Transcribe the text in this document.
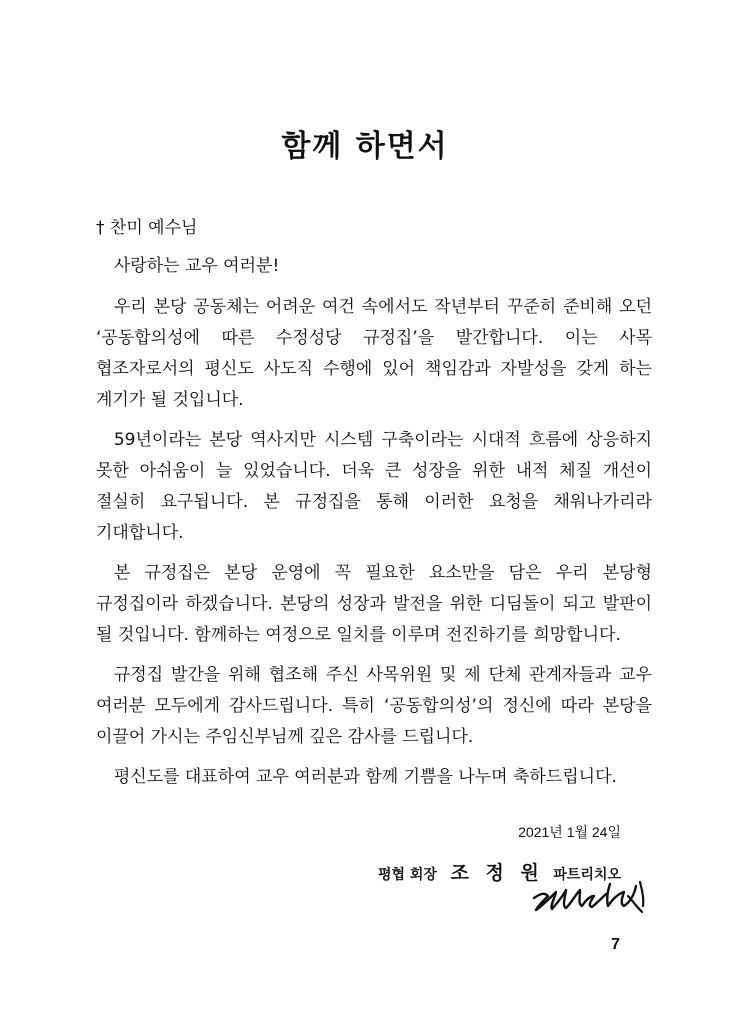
함께 하면서
† 찬미 예수님
사랑하는 교우 여러분!

우리 본당 공동체는 어려운 여건 속에서도 작년부터 꾸준히 준비해 오던 ‘공동합의성에 따른 수정성당 규정집’을 발간합니다. 이는 사목 협조자로서의 평신도 사도직 수행에 있어 책임감과 자발성을 갖게 하는 계기가 될 것입니다.

59년이라는 본당 역사지만 시스템 구축이라는 시대적 흐름에 상응하지 못한 아쉬움이 늘 있었습니다. 더욱 큰 성장을 위한 내적 체질 개선이 절실히 요구됩니다. 본 규정집을 통해 이러한 요청을 채워나가리라 기대합니다.

본 규정집은 본당 운영에 꼭 필요한 요소만을 담은 우리 본당형 규정집이라 하겠습니다. 본당의 성장과 발전을 위한 디딤돌이 되고 발판이 될 것입니다. 함께하는 여정으로 일치를 이루며 전진하기를 희망합니다.

규정집 발간을 위해 협조해 주신 사목위원 및 제 단체 관계자들과 교우 여러분 모두에게 감사드립니다. 특히 ‘공동합의성’의 정신에 따라 본당을 이끌어 가시는 주임신부님께 깊은 감사를 드립니다.

평신도를 대표하여 교우 여러분과 함께 기쁨을 나누며 축하드립니다.

2021년 1월 24일
평협 회장 조 정 원 파트리치오
7
